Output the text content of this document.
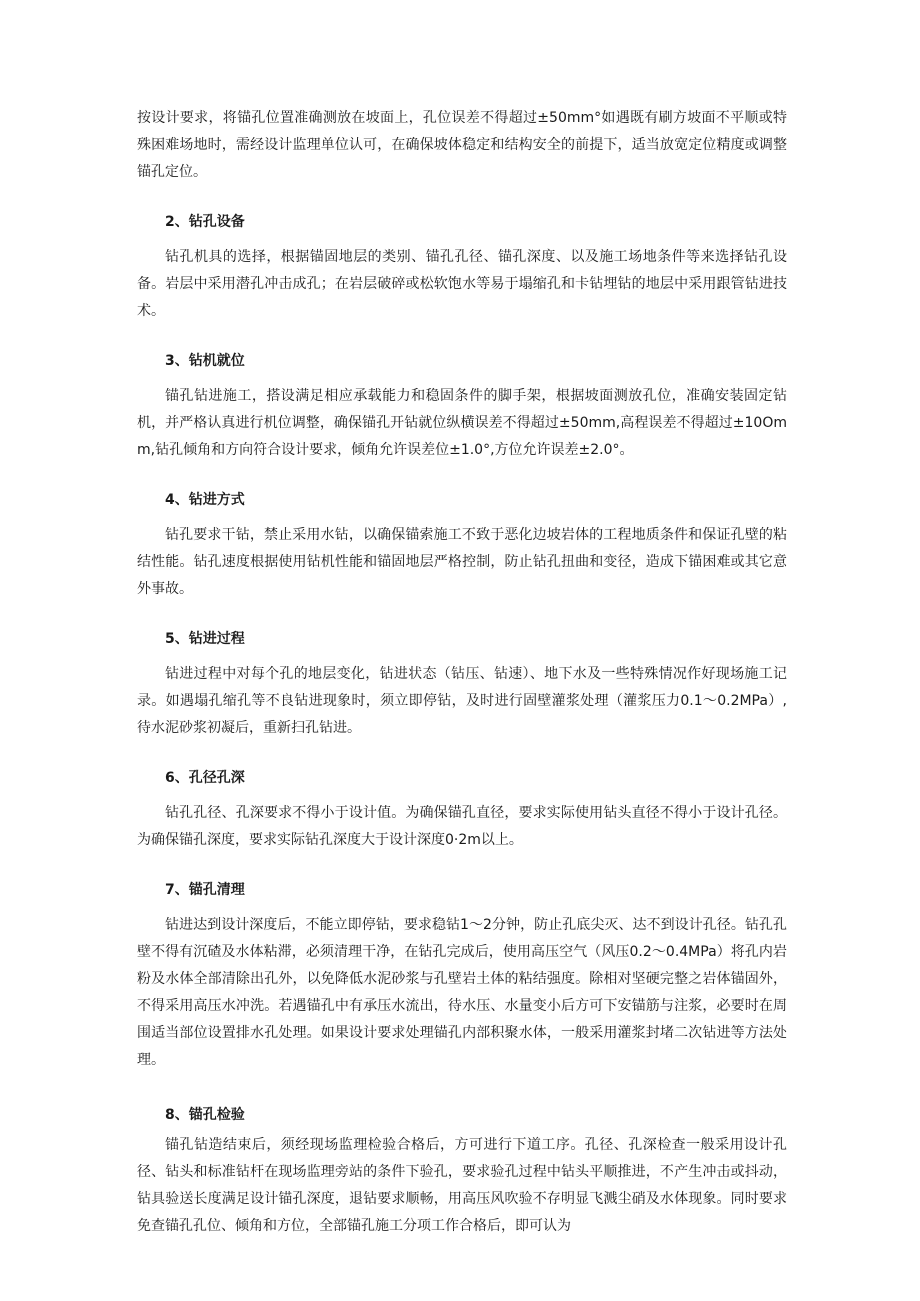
按设计要求，将锚孔位置准确测放在坡面上，孔位误差不得超过±50mm°如遇既有刷方坡面不平顺或特殊困难场地时，需经设计监理单位认可，在确保坡体稳定和结构安全的前提下，适当放宽定位精度或调整锚孔定位。

2、钻孔设备

钻孔机具的选择，根据锚固地层的类别、锚孔孔径、锚孔深度、以及施工场地条件等来选择钻孔设备。岩层中采用潜孔冲击成孔；在岩层破碎或松软饱水等易于塌缩孔和卡钻埋钻的地层中采用跟管钻进技术。

3、钻机就位

锚孔钻进施工，搭设满足相应承载能力和稳固条件的脚手架，根据坡面测放孔位，准确安装固定钻机，并严格认真进行机位调整，确保锚孔开钻就位纵横误差不得超过±50mm,高程误差不得超过±10Omm,钻孔倾角和方向符合设计要求，倾角允许误差位±1.0°,方位允许误差±2.0°。

4、钻进方式

钻孔要求干钻，禁止采用水钻，以确保锚索施工不致于恶化边坡岩体的工程地质条件和保证孔壁的粘结性能。钻孔速度根据使用钻机性能和锚固地层严格控制，防止钻孔扭曲和变径，造成下锚困难或其它意外事故。

5、钻进过程

钻进过程中对每个孔的地层变化，钻进状态（钻压、钻速）、地下水及一些特殊情况作好现场施工记录。如遇塌孔缩孔等不良钻进现象时，须立即停钻，及时进行固壁灌浆处理（灌浆压力0.1〜0.2MPa）,待水泥砂浆初凝后，重新扫孔钻进。

6、孔径孔深

钻孔孔径、孔深要求不得小于设计值。为确保锚孔直径，要求实际使用钻头直径不得小于设计孔径。为确保锚孔深度，要求实际钻孔深度大于设计深度0·2m以上。

7、锚孔清理

钻进达到设计深度后，不能立即停钻，要求稳钻1〜2分钟，防止孔底尖灭、达不到设计孔径。钻孔孔壁不得有沉碴及水体粘滞，必须清理干净，在钻孔完成后，使用高压空气（风压0.2〜0.4MPa）将孔内岩粉及水体全部清除出孔外，以免降低水泥砂浆与孔壁岩土体的粘结强度。除相对坚硬完整之岩体锚固外，不得采用高压水冲洗。若遇锚孔中有承压水流出，待水压、水量变小后方可下安锚筋与注浆，必要时在周围适当部位设置排水孔处理。如果设计要求处理锚孔内部积聚水体，一般采用灌浆封堵二次钻进等方法处理。

8、锚孔检验

锚孔钻造结束后，须经现场监理检验合格后，方可进行下道工序。孔径、孔深检查一般采用设计孔径、钻头和标准钻杆在现场监理旁站的条件下验孔，要求验孔过程中钻头平顺推进，不产生冲击或抖动，钻具验送长度满足设计锚孔深度，退钻要求顺畅，用高压风吹验不存明显飞溅尘硝及水体现象。同时要求免查锚孔孔位、倾角和方位，全部锚孔施工分项工作合格后，即可认为
